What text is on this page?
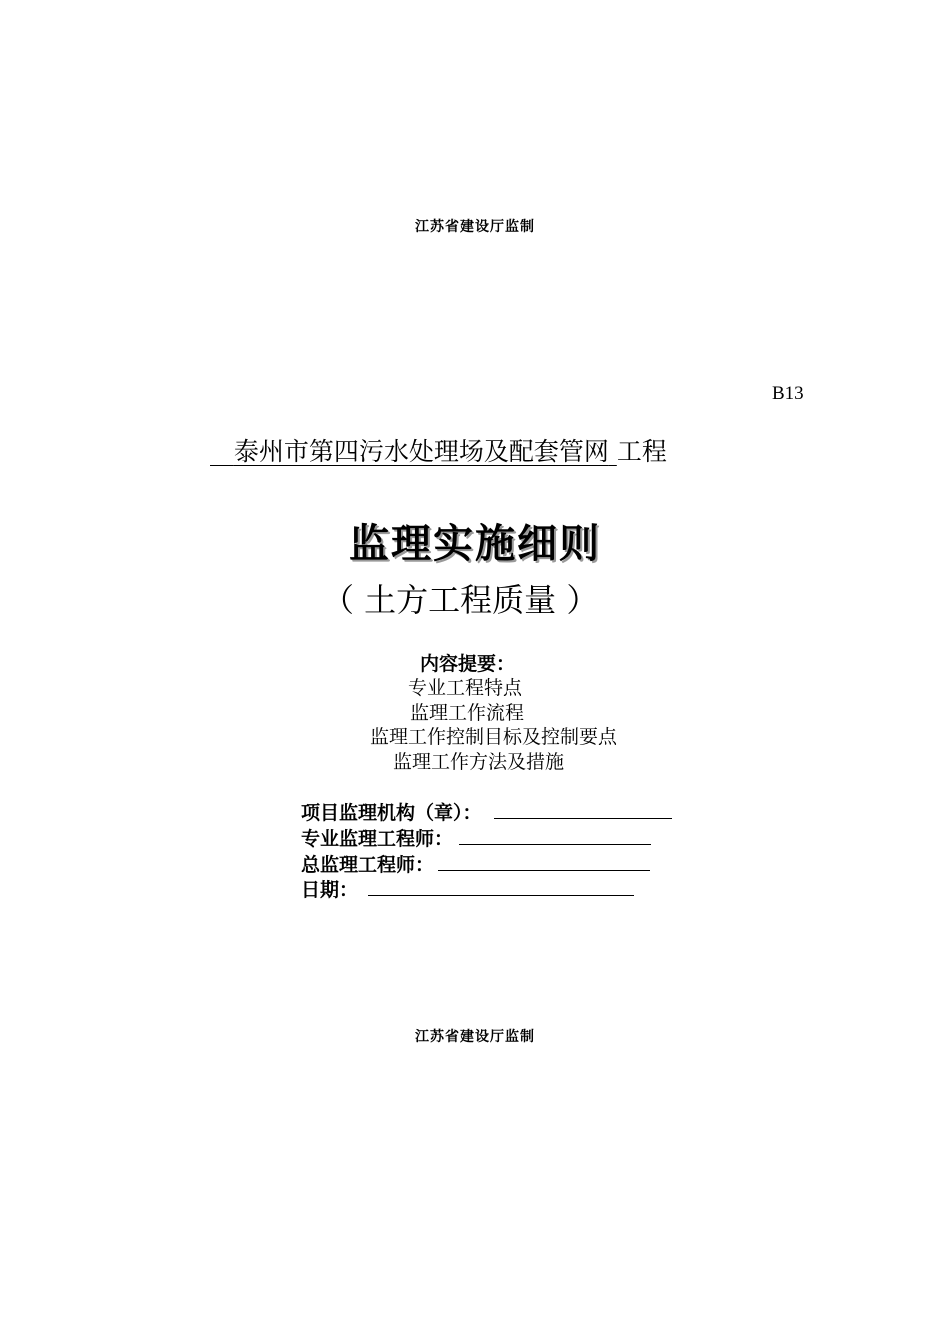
江苏省建设厅监制
B13
泰州市第四污水处理场及配套管网 工程
监理实施细则
（ 土方工程质量 ）
内容提要：
专业工程特点
监理工作流程
监理工作控制目标及控制要点
监理工作方法及措施
项目监理机构（章）：
专业监理工程师：
总监理工程师：
日期：
江苏省建设厅监制
